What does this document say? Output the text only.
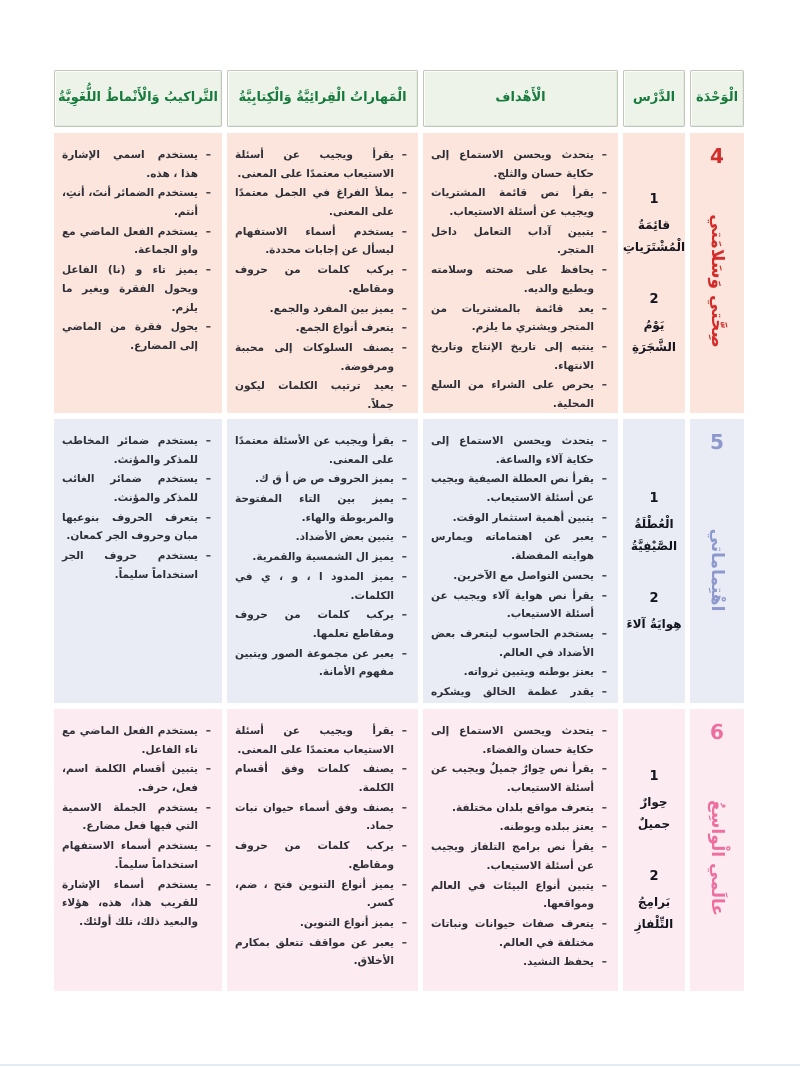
الْوَحْدَة
الدَّرْس
الْأَهْداف
الْمَهاراتُ الْقِرائِيَّةُ وَالْكِتابِيَّةُ
التَّراكيبُ وَالْأَنْماطُ اللُّغَوِيَّةُ
4
صِحَّتي وَسَلامَتي
1
قائِمَةُ الْمُشْتَرَياتِ
2
يَوْمُ الشَّجَرَةِ
– يتحدث ويحسن الاستماع إلى حكاية حسان والثلج.
– يقرأ نص قائمة المشتريات ويجيب عن أسئلة الاستيعاب.
– يتبين آداب التعامل داخل المتجر.
– يحافظ على صحته وسلامته ويطيع والديه.
– يعد قائمة بالمشتريات من المتجر ويشتري ما يلزم.
– ينتبه إلى تاريخ الإنتاج وتاريخ الانتهاء.
– يحرص على الشراء من السلع المحلية.
– يقرأ ويجيب عن أسئلة الاستيعاب معتمدًا على المعنى.
– يملأ الفراغ في الجمل معتمدًا على المعنى.
– يستخدم أسماء الاستفهام ليسأل عن إجابات محددة.
– يركب كلمات من حروف ومقاطع.
– يميز بين المفرد والجمع.
– يتعرف أنواع الجمع.
– يصنف السلوكات إلى محببة ومرفوضة.
– يعيد ترتيب الكلمات ليكون جملاً.
– يستخدم اسمي الإشارة هذا ، هذه.
– يستخدم الضمائر أنتَ، أنتِ، أنتم.
– يستخدم الفعل الماضي مع واو الجماعة.
– يميز تاء و (نا) الفاعل ويحول الفقرة ويغير ما يلزم.
– يحول فقرة من الماضي إلى المضارع.
5
اهْتِماماتي
1
الْعُطْلَةُ الصَّيْفِيَّةُ
2
هِوايَةُ آلاءَ
– يتحدث ويحسن الاستماع إلى حكاية آلاء والساعة.
– يقرأ نص العطلة الصيفية ويجيب عن أسئلة الاستيعاب.
– يتبين أهمية استثمار الوقت.
– يعبر عن اهتماماته ويمارس هوايته المفضلة.
– يحسن التواصل مع الآخرين.
– يقرأ نص هواية آلاء ويجيب عن أسئلة الاستيعاب.
– يستخدم الحاسوب ليتعرف بعض الأضداد في العالم.
– يعتز بوطنه ويتبين ثرواته.
– يقدر عظمة الخالق ويشكره
– يقرأ ويجيب عن الأسئلة معتمدًا على المعنى.
– يميز الحروف ص ض أ ق ك.
– يميز بين التاء المفتوحة والمربوطة والهاء.
– يتبين بعض الأضداد.
– يميز ال الشمسية والقمرية.
– يميز المدود ا ، و ، ي في الكلمات.
– يركب كلمات من حروف ومقاطع تعلمها.
– يعبر عن مجموعة الصور ويتبين مفهوم الأمانة.
– يستخدم ضمائر المخاطب للمذكر والمؤنث.
– يستخدم ضمائر الغائب للمذكر والمؤنث.
– يتعرف الحروف بنوعيها مبان وحروف الجر كمعان.
– يستخدم حروف الجر استخداماً سليماً.
6
عالَمي الْواسِعُ
1
حِوارٌ جميلٌ
2
بَرامِجُ التِّلْفازِ
– يتحدث ويحسن الاستماع إلى حكاية حسان والفضاء.
– يقرأ نص حِوارٌ جميلٌ ويجيب عن أسئلة الاستيعاب.
– يتعرف مواقع بلدان مختلفة.
– يعتز ببلده وبوطنه.
– يقرأ نص برامج التلفاز ويجيب عن أسئلة الاستيعاب.
– يتبين أنواع البيئات في العالم ومواقعها.
– يتعرف صفات حيوانات ونباتات مختلفة في العالم.
– يحفظ النشيد.
– يقرأ ويجيب عن أسئلة الاستيعاب معتمدًا على المعنى.
– يصنف كلمات وفق أقسام الكلمة.
– يصنف وفق أسماء حيوان نبات جماد.
– يركب كلمات من حروف ومقاطع.
– يميز أنواع التنوين فتح ، ضم، كسر.
– يميز أنواع التنوين.
– يعبر عن مواقف تتعلق بمكارم الأخلاق.
– يستخدم الفعل الماضي مع تاء الفاعل.
– يتبين أقسام الكلمة اسم، فعل، حرف.
– يستخدم الجملة الاسمية التي فيها فعل مضارع.
– يستخدم أسماء الاستفهام استخداماً سليماً.
– يستخدم أسماء الإشارة للقريب هذا، هذه، هؤلاء والبعيد ذلك، تلك أولئك.
